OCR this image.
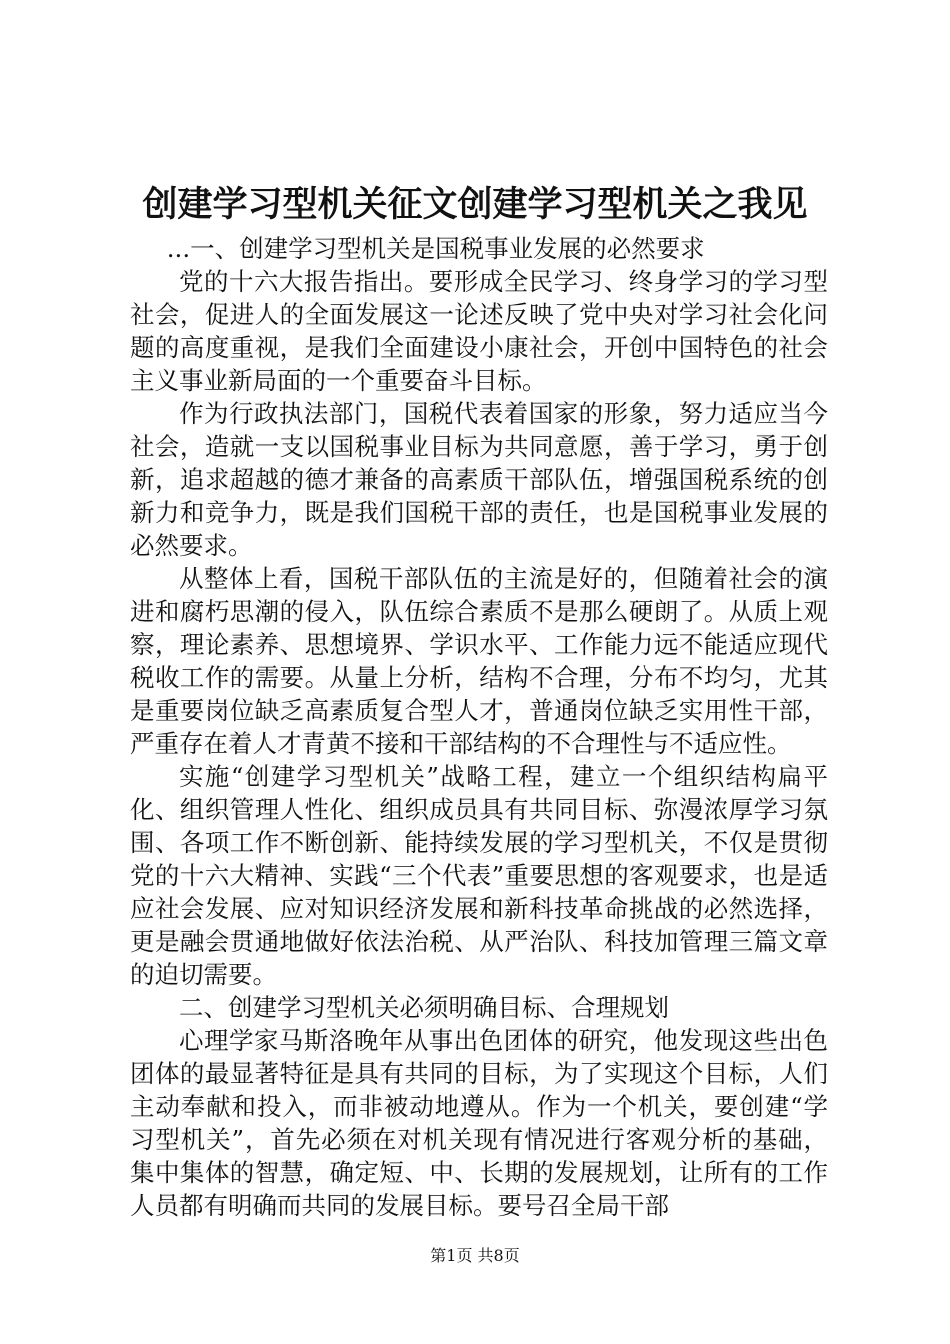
创建学习型机关征文创建学习型机关之我见

...一、创建学习型机关是国税事业发展的必然要求

党的十六大报告指出。要形成全民学习、终身学习的学习型社会，促进人的全面发展这一论述反映了党中央对学习社会化问题的高度重视，是我们全面建设小康社会，开创中国特色的社会主义事业新局面的一个重要奋斗目标。

作为行政执法部门，国税代表着国家的形象，努力适应当今社会，造就一支以国税事业目标为共同意愿，善于学习，勇于创新，追求超越的德才兼备的高素质干部队伍，增强国税系统的创新力和竞争力，既是我们国税干部的责任，也是国税事业发展的必然要求。

从整体上看，国税干部队伍的主流是好的，但随着社会的演进和腐朽思潮的侵入，队伍综合素质不是那么硬朗了。从质上观察，理论素养、思想境界、学识水平、工作能力远不能适应现代税收工作的需要。从量上分析，结构不合理，分布不均匀，尤其是重要岗位缺乏高素质复合型人才，普通岗位缺乏实用性干部，严重存在着人才青黄不接和干部结构的不合理性与不适应性。

实施“创建学习型机关”战略工程，建立一个组织结构扁平化、组织管理人性化、组织成员具有共同目标、弥漫浓厚学习氛围、各项工作不断创新、能持续发展的学习型机关，不仅是贯彻党的十六大精神、实践“三个代表”重要思想的客观要求，也是适应社会发展、应对知识经济发展和新科技革命挑战的必然选择，更是融会贯通地做好依法治税、从严治队、科技加管理三篇文章的迫切需要。

二、创建学习型机关必须明确目标、合理规划

心理学家马斯洛晚年从事出色团体的研究，他发现这些出色团体的最显著特征是具有共同的目标，为了实现这个目标，人们主动奉献和投入，而非被动地遵从。作为一个机关，要创建“学习型机关”，首先必须在对机关现有情况进行客观分析的基础，集中集体的智慧，确定短、中、长期的发展规划，让所有的工作人员都有明确而共同的发展目标。要号召全局干部

第1页 共8页
